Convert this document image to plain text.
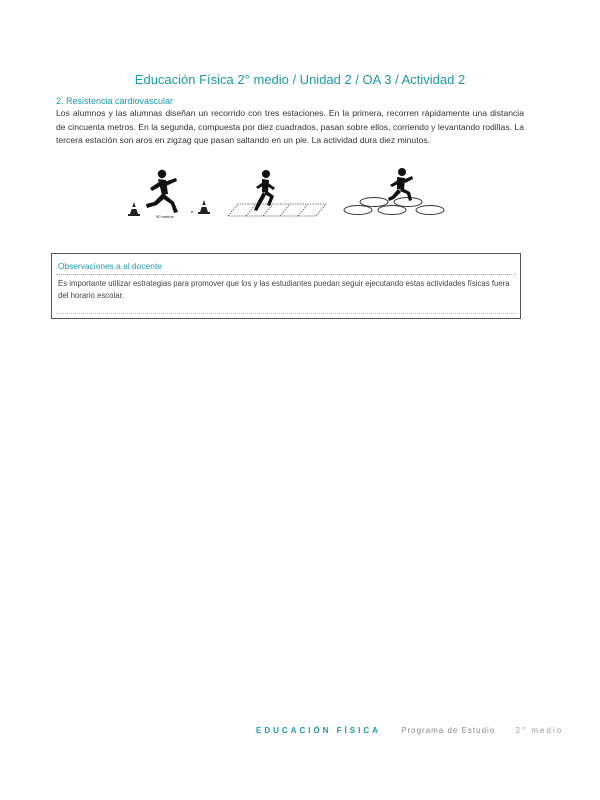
Educación Física 2° medio / Unidad 2 / OA 3 / Actividad 2
2. Resistencia cardiovascular

Los alumnos y las alumnas diseñan un recorrido con tres estaciones. En la primera, recorren rápidamente una distancia de cincuenta metros. En la segunda, compuesta por diez cuadrados, pasan sobre ellos, corriendo y levantando rodillas. La tercera estación son aros en zigzag que pasan saltando en un pie. La actividad dura diez minutos.

50 metros
Observaciones a al docente

Es importante utilizar estrategias para promover que los y las estudiantes puedan seguir ejecutando estas actividades físicas fuera del horario escolar.

EDUCACIÓN FÍSICA	Programa de Estudio	2° medio
